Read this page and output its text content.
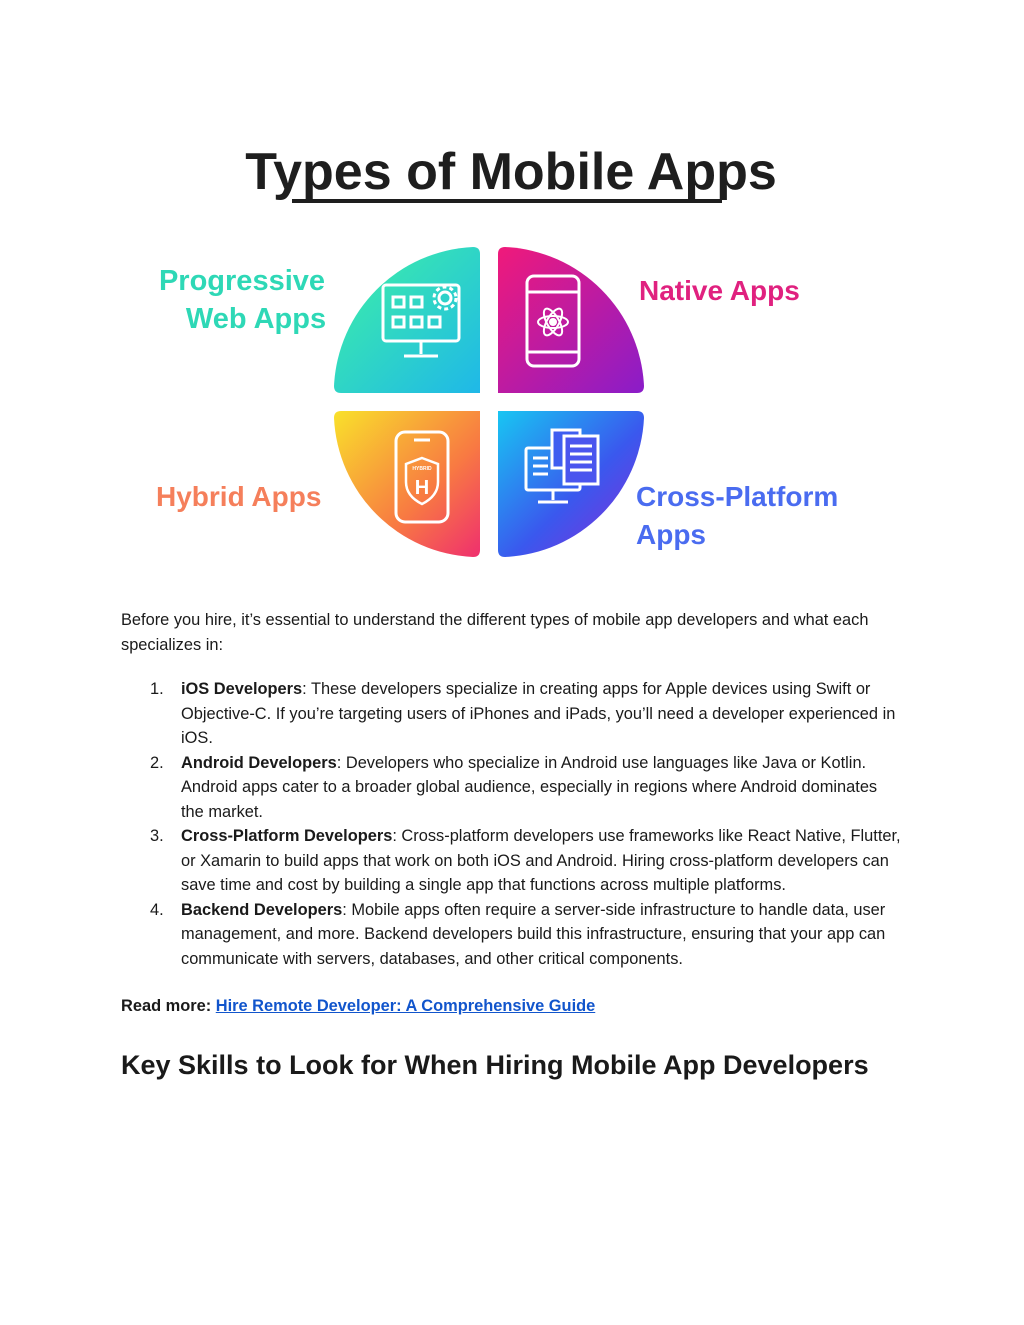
Types of Mobile Apps
HYBRID
H
Progressive
Web Apps
Native Apps
Hybrid Apps	Cross-Platform
Apps

Before you hire, it’s essential to understand the different types of mobile app developers and what each specializes in:

1. iOS Developers: These developers specialize in creating apps for Apple devices using Swift or Objective-C. If you’re targeting users of iPhones and iPads, you’ll need a developer experienced in iOS.
2. Android Developers: Developers who specialize in Android use languages like Java or Kotlin. Android apps cater to a broader global audience, especially in regions where Android dominates the market.
3. Cross-Platform Developers: Cross-platform developers use frameworks like React Native, Flutter, or Xamarin to build apps that work on both iOS and Android. Hiring cross-platform developers can save time and cost by building a single app that functions across multiple platforms.
4. Backend Developers: Mobile apps often require a server-side infrastructure to handle data, user management, and more. Backend developers build this infrastructure, ensuring that your app can communicate with servers, databases, and other critical components.

Read more: Hire Remote Developer: A Comprehensive Guide

Key Skills to Look for When Hiring Mobile App Developers
